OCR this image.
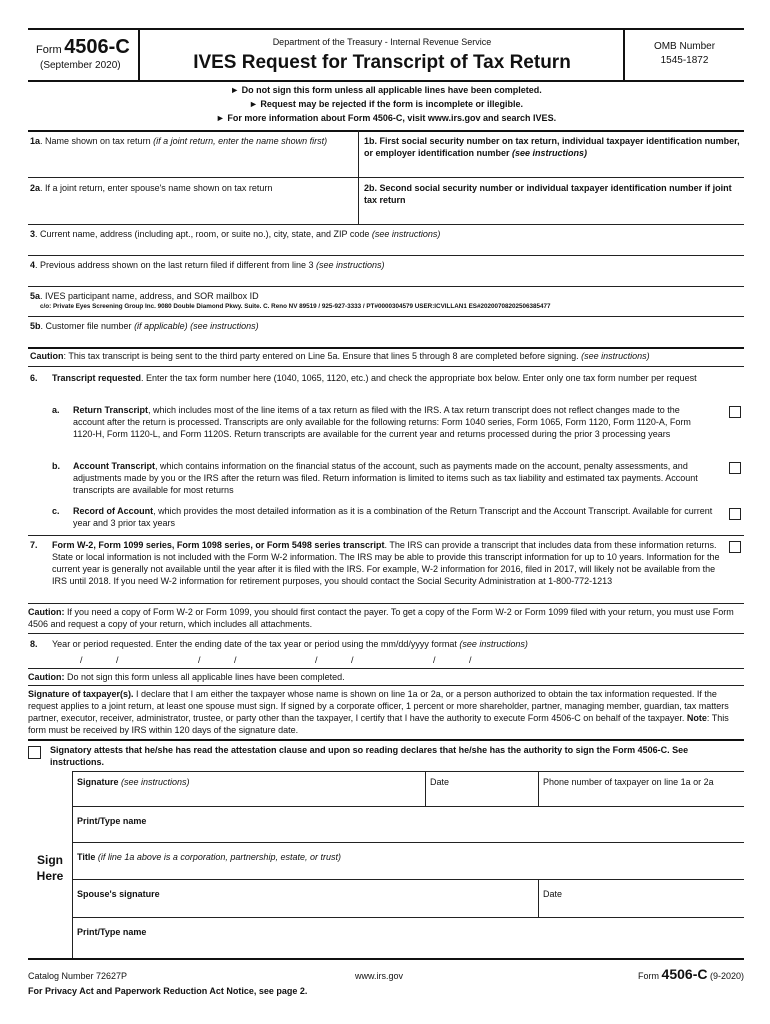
Form 4506-C
(September 2020)
Department of the Treasury - Internal Revenue Service
IVES Request for Transcript of Tax Return
OMB Number
1545-1872
► Do not sign this form unless all applicable lines have been completed.
► Request may be rejected if the form is incomplete or illegible.
► For more information about Form 4506-C, visit www.irs.gov and search IVES.
1a. Name shown on tax return (if a joint return, enter the name shown first)	1b. First social security number on tax return, individual taxpayer identification number, or employer identification number (see instructions)
2a. If a joint return, enter spouse's name shown on tax return	2b. Second social security number or individual taxpayer identification number if joint tax return
3. Current name, address (including apt., room, or suite no.), city, state, and ZIP code (see instructions)
4. Previous address shown on the last return filed if different from line 3 (see instructions)
5a. IVES participant name, address, and SOR mailbox ID
c/o: Private Eyes Screening Group Inc. 9080 Double Diamond Pkwy. Suite. C. Reno NV 89519 / 925-927-3333 / PT#0000304579 USER:ICVILLAN1 ES#20200708202506385477
5b. Customer file number (if applicable) (see instructions)
Caution: This tax transcript is being sent to the third party entered on Line 5a. Ensure that lines 5 through 8 are completed before signing. (see instructions)
6. Transcript requested. Enter the tax form number here (1040, 1065, 1120, etc.) and check the appropriate box below. Enter only one tax form number per request
a. Return Transcript, which includes most of the line items of a tax return as filed with the IRS. A tax return transcript does not reflect changes made to the account after the return is processed. Transcripts are only available for the following returns: Form 1040 series, Form 1065, Form 1120, Form 1120-A, Form 1120-H, Form 1120-L, and Form 1120S. Return transcripts are available for the current year and returns processed during the prior 3 processing years
b. Account Transcript, which contains information on the financial status of the account, such as payments made on the account, penalty assessments, and adjustments made by you or the IRS after the return was filed. Return information is limited to items such as tax liability and estimated tax payments. Account transcripts are available for most returns
c. Record of Account, which provides the most detailed information as it is a combination of the Return Transcript and the Account Transcript. Available for current year and 3 prior tax years
7. Form W-2, Form 1099 series, Form 1098 series, or Form 5498 series transcript. The IRS can provide a transcript that includes data from these information returns. State or local information is not included with the Form W-2 information. The IRS may be able to provide this transcript information for up to 10 years. Information for the current year is generally not available until the year after it is filed with the IRS. For example, W-2 information for 2016, filed in 2017, will likely not be available from the IRS until 2018. If you need W-2 information for retirement purposes, you should contact the Social Security Administration at 1-800-772-1213
Caution: If you need a copy of Form W-2 or Form 1099, you should first contact the payer. To get a copy of the Form W-2 or Form 1099 filed with your return, you must use Form 4506 and request a copy of your return, which includes all attachments.
8. Year or period requested. Enter the ending date of the tax year or period using the mm/dd/yyyy format (see instructions)
/	/	/	/	/	/	/	/
Caution: Do not sign this form unless all applicable lines have been completed.
Signature of taxpayer(s). I declare that I am either the taxpayer whose name is shown on line 1a or 2a, or a person authorized to obtain the tax information requested. If the request applies to a joint return, at least one spouse must sign. If signed by a corporate officer, 1 percent or more shareholder, partner, managing member, guardian, tax matters partner, executor, receiver, administrator, trustee, or party other than the taxpayer, I certify that I have the authority to execute Form 4506-C on behalf of the taxpayer. Note: This form must be received by IRS within 120 days of the signature date.
Signatory attests that he/she has read the attestation clause and upon so reading declares that he/she has the authority to sign the Form 4506-C. See instructions.
Sign
Here
Signature (see instructions)	Date	Phone number of taxpayer on line 1a or 2a
Print/Type name
Title (if line 1a above is a corporation, partnership, estate, or trust)
Spouse's signature	Date
Print/Type name
Catalog Number 72627P	www.irs.gov
For Privacy Act and Paperwork Reduction Act Notice, see page 2.
Form 4506-C (9-2020)
